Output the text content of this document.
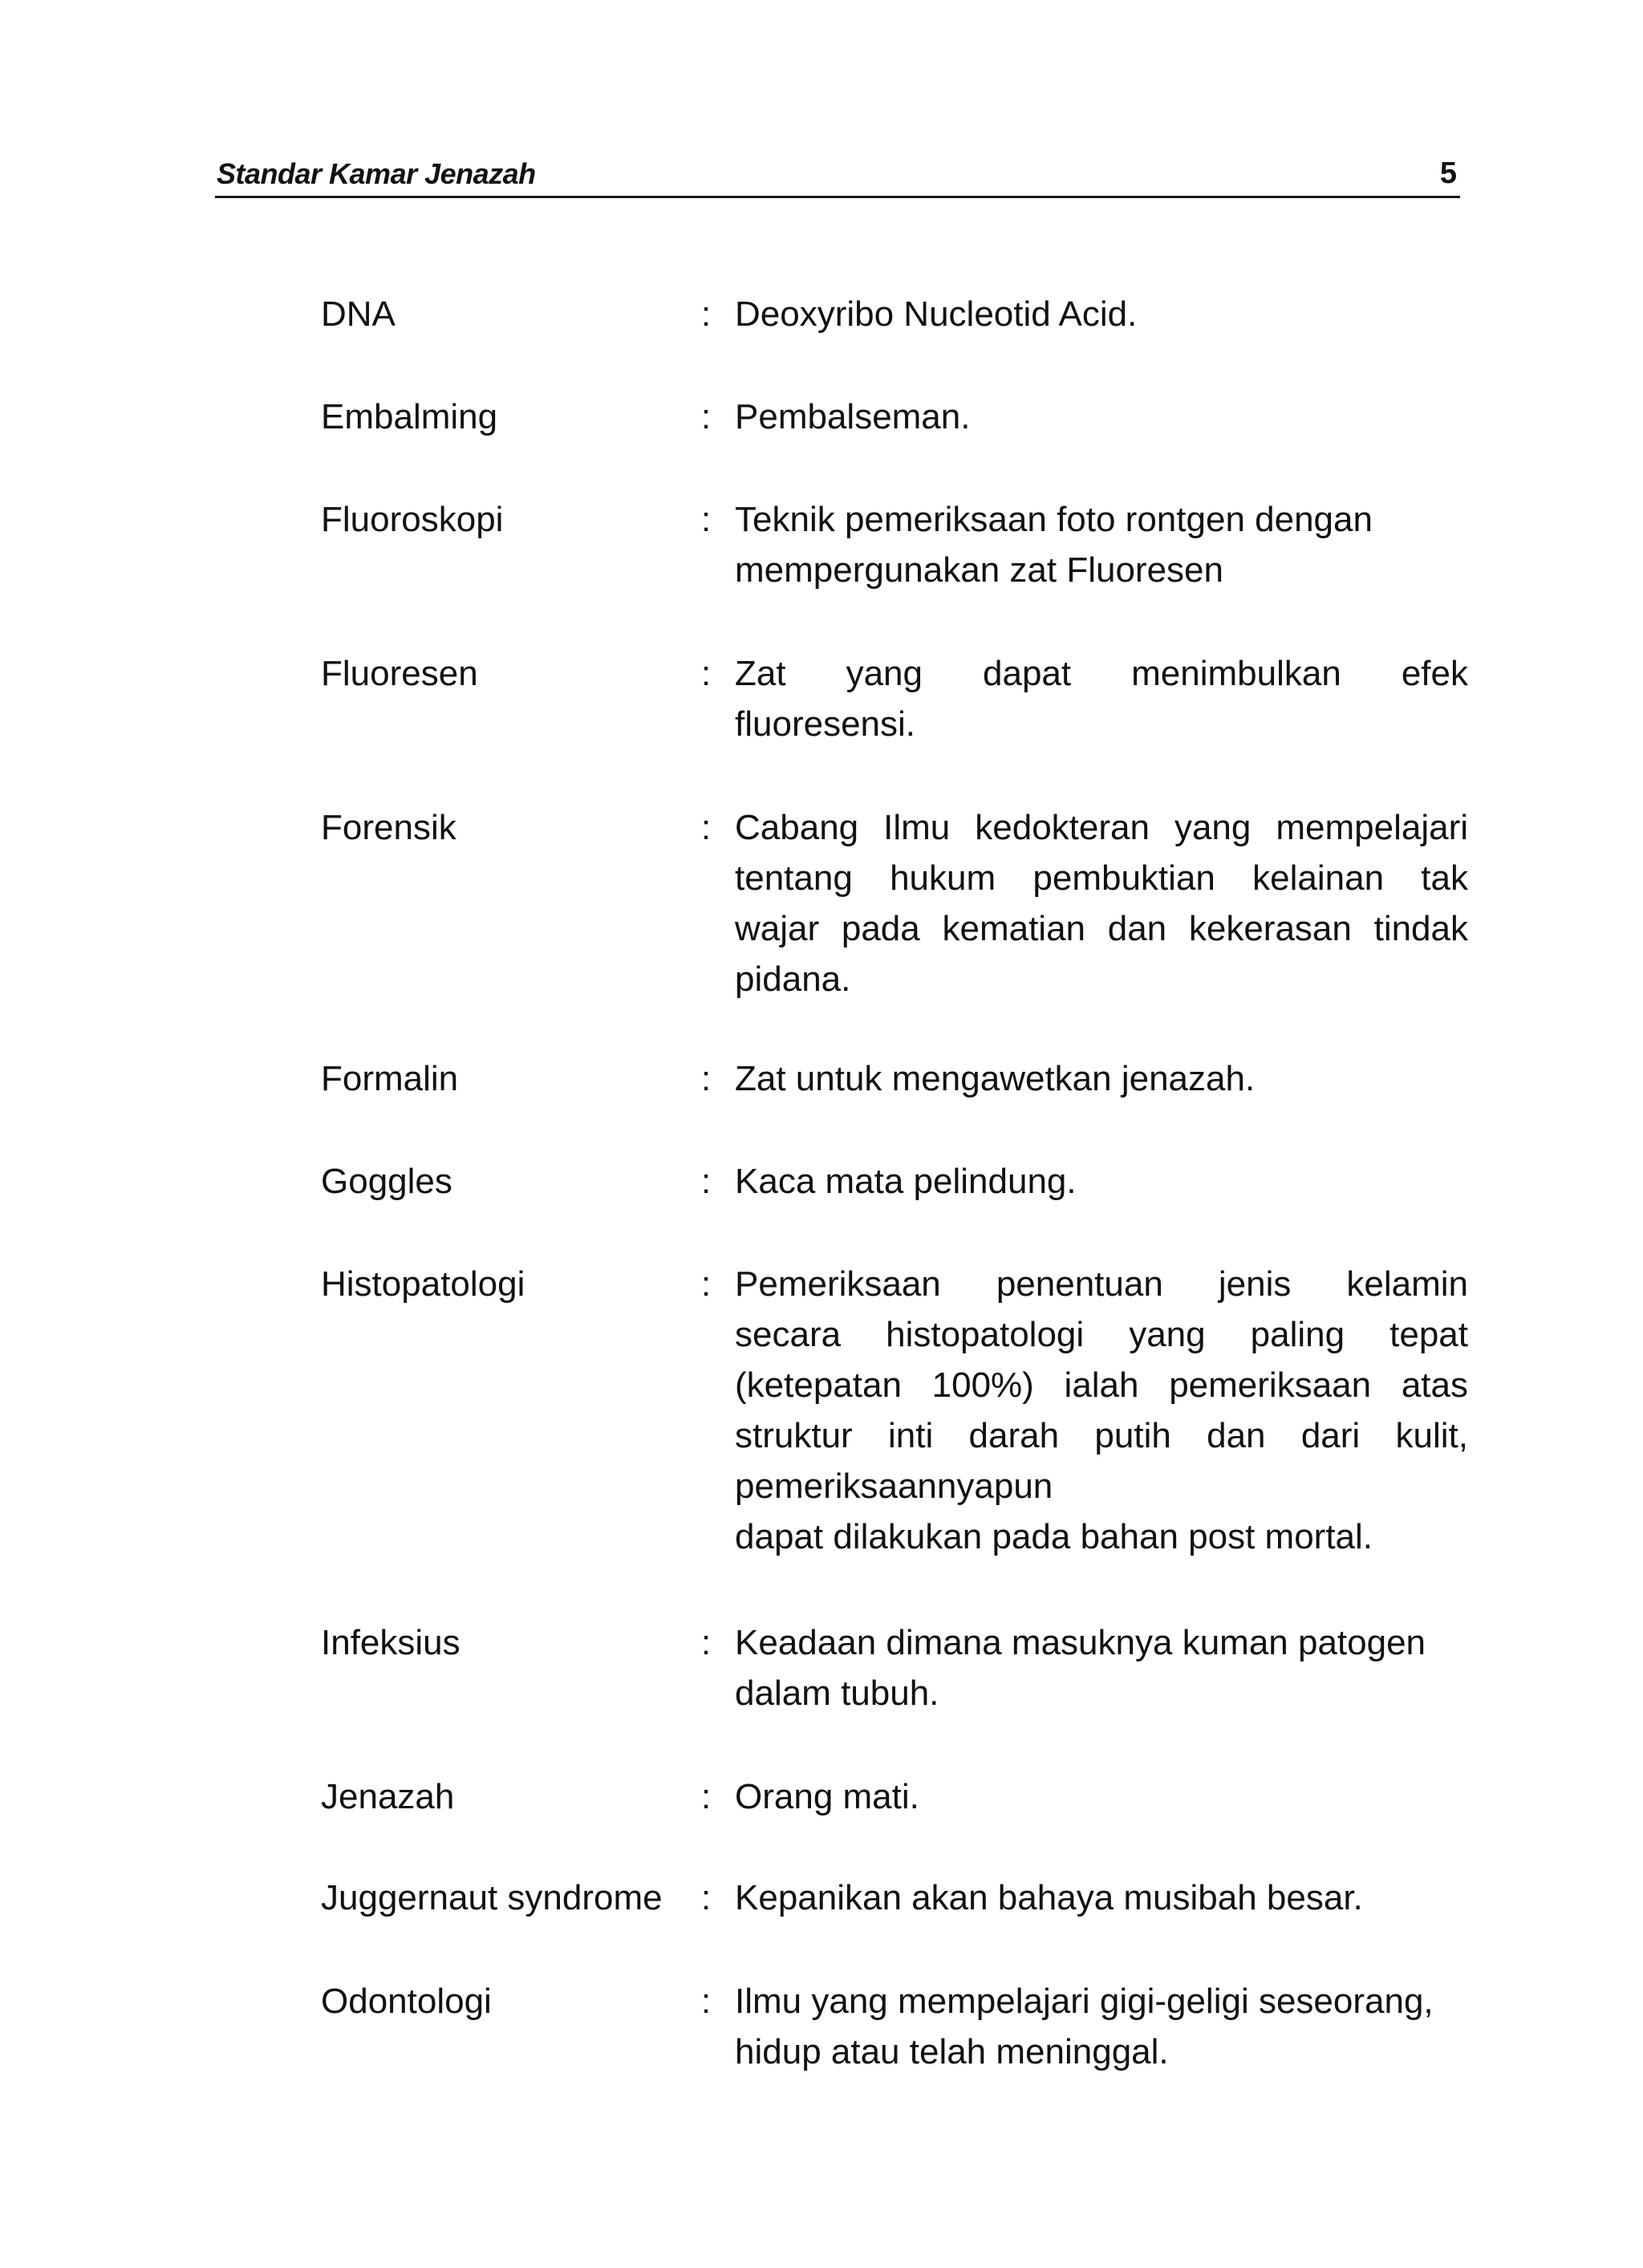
Standar Kamar Jenazah	5
DNA	: Deoxyribo Nucleotid Acid.
Embalming	: Pembalseman.
Fluoroskopi	: Teknik pemeriksaan foto rontgen dengan
mempergunakan zat Fluoresen
Fluoresen	: Zat yang dapat menimbulkan efek
fluoresensi.
Forensik	: Cabang Ilmu kedokteran yang mempelajari
tentang hukum pembuktian kelainan tak
wajar pada kematian dan kekerasan tindak
pidana.
Formalin	: Zat untuk mengawetkan jenazah.
Goggles	: Kaca mata pelindung.
Histopatologi	: Pemeriksaan penentuan jenis kelamin
secara histopatologi yang paling tepat
(ketepatan 100%) ialah pemeriksaan atas
struktur inti darah putih dan dari kulit,
pemeriksaannyapun
dapat dilakukan pada bahan post mortal.
Infeksius	: Keadaan dimana masuknya kuman patogen
dalam tubuh.
Jenazah	: Orang mati.
Juggernaut syndrome : Kepanikan akan bahaya musibah besar.
Odontologi	: Ilmu yang mempelajari gigi-geligi seseorang,
hidup atau telah meninggal.
